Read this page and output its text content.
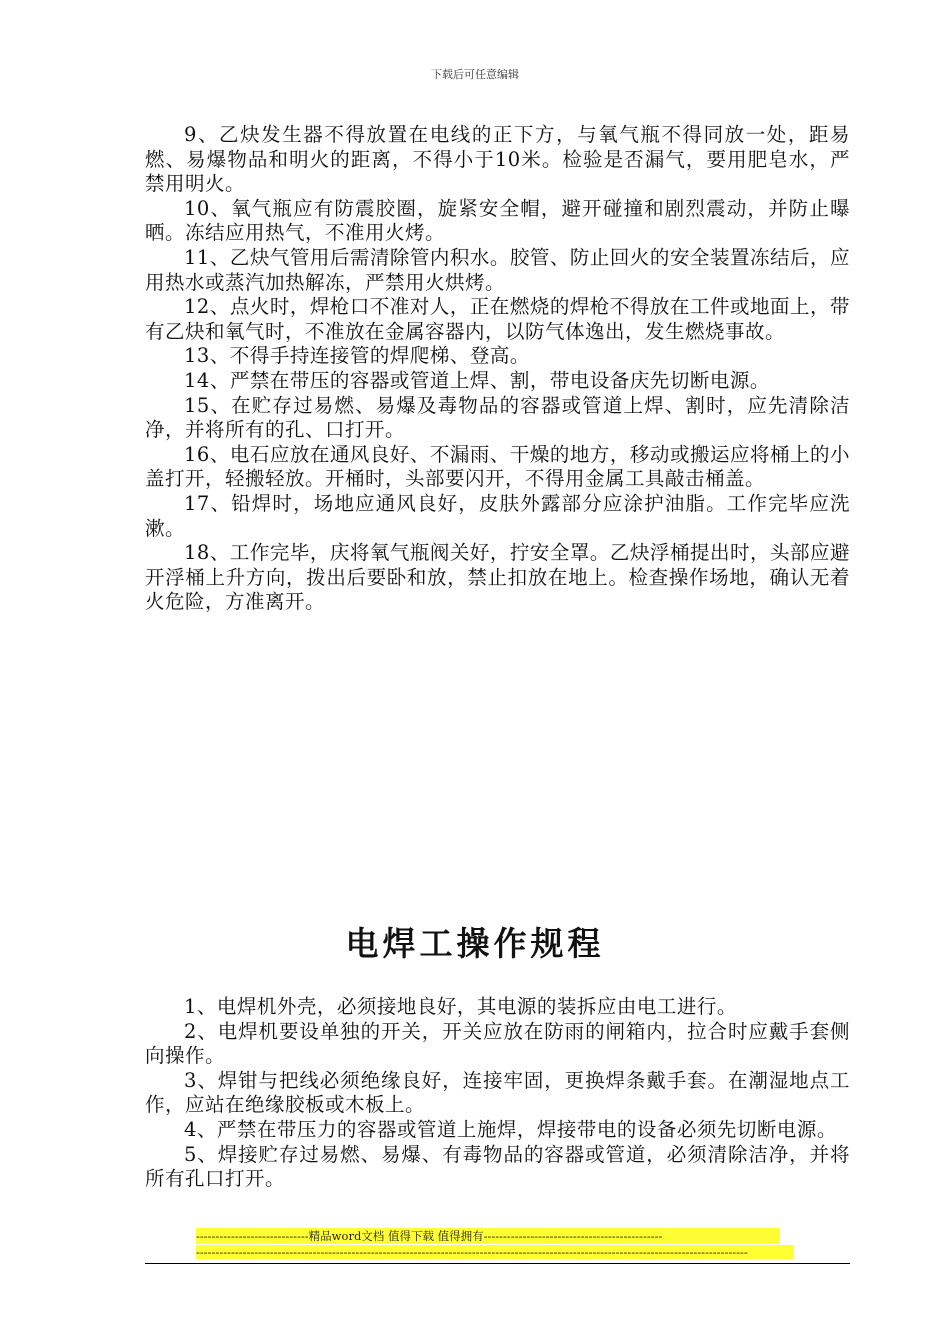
下载后可任意编辑

9、乙炔发生器不得放置在电线的正下方，与氧气瓶不得同放一处，距易燃、易爆物品和明火的距离，不得小于10米。检验是否漏气，要用肥皂水，严禁用明火。

10、氧气瓶应有防震胶圈，旋紧安全帽，避开碰撞和剧烈震动，并防止曝晒。冻结应用热气，不准用火烤。

11、乙炔气管用后需清除管内积水。胶管、防止回火的安全装置冻结后，应用热水或蒸汽加热解冻，严禁用火烘烤。

12、点火时，焊枪口不准对人，正在燃烧的焊枪不得放在工件或地面上，带有乙炔和氧气时，不准放在金属容器内，以防气体逸出，发生燃烧事故。

13、不得手持连接管的焊爬梯、登高。

14、严禁在带压的容器或管道上焊、割，带电设备庆先切断电源。

15、在贮存过易燃、易爆及毒物品的容器或管道上焊、割时，应先清除洁净，并将所有的孔、口打开。

16、电石应放在通风良好、不漏雨、干燥的地方，移动或搬运应将桶上的小盖打开，轻搬轻放。开桶时，头部要闪开，不得用金属工具敲击桶盖。

17、铅焊时，场地应通风良好，皮肤外露部分应涂护油脂。工作完毕应洗漱。

18、工作完毕，庆将氧气瓶阀关好，拧安全罩。乙炔浮桶提出时，头部应避开浮桶上升方向，拨出后要卧和放，禁止扣放在地上。检查操作场地，确认无着火危险，方准离开。

电焊工操作规程

1、电焊机外壳，必须接地良好，其电源的装拆应由电工进行。

2、电焊机要设单独的开关，开关应放在防雨的闸箱内，拉合时应戴手套侧向操作。

3、焊钳与把线必须绝缘良好，连接牢固，更换焊条戴手套。在潮湿地点工作，应站在绝缘胶板或木板上。

4、严禁在带压力的容器或管道上施焊，焊接带电的设备必须先切断电源。

5、焊接贮存过易燃、易爆、有毒物品的容器或管道，必须清除洁净，并将所有孔口打开。

-----------------------------精品word文档 值得下载 值得拥有----------------------------------------------
----------------------------------------------------------------------------------------------------------------------------------------------
